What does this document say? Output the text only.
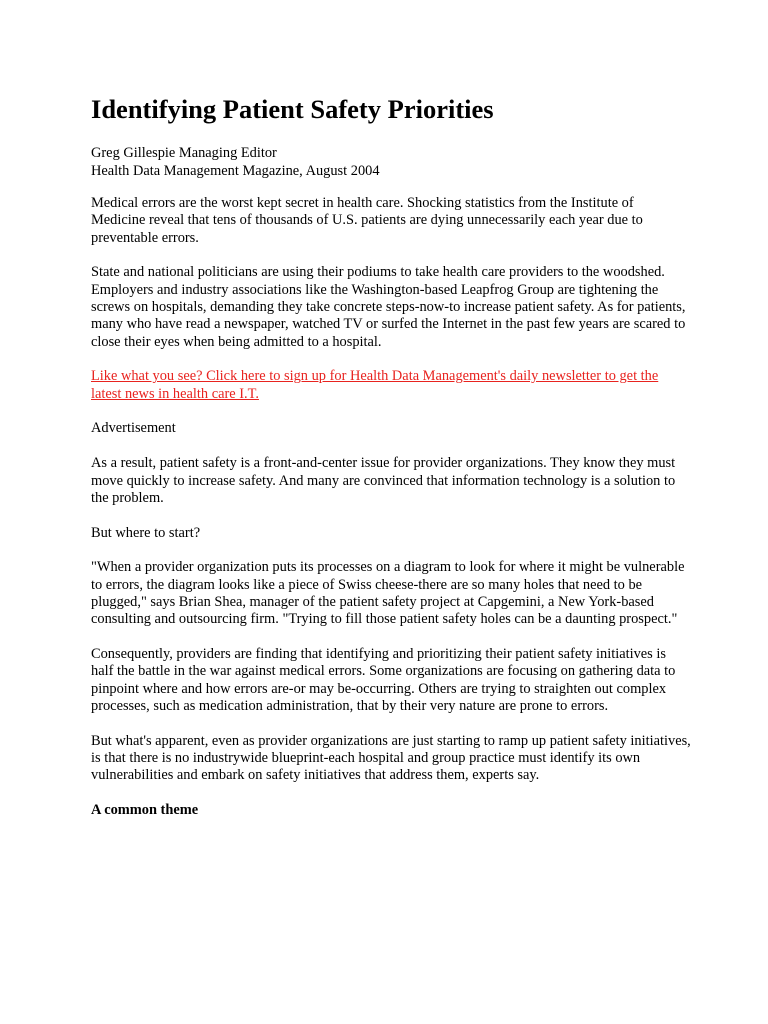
Identifying Patient Safety Priorities
Greg Gillespie Managing Editor
Health Data Management Magazine, August 2004

Medical errors are the worst kept secret in health care. Shocking statistics from the Institute of Medicine reveal that tens of thousands of U.S. patients are dying unnecessarily each year due to preventable errors.

State and national politicians are using their podiums to take health care providers to the woodshed. Employers and industry associations like the Washington-based Leapfrog Group are tightening the screws on hospitals, demanding they take concrete steps-now-to increase patient safety. As for patients, many who have read a newspaper, watched TV or surfed the Internet in the past few years are scared to close their eyes when being admitted to a hospital.

Like what you see? Click here to sign up for Health Data Management's daily newsletter to get the latest news in health care I.T.

Advertisement

As a result, patient safety is a front-and-center issue for provider organizations. They know they must move quickly to increase safety. And many are convinced that information technology is a solution to the problem.

But where to start?

"When a provider organization puts its processes on a diagram to look for where it might be vulnerable to errors, the diagram looks like a piece of Swiss cheese-there are so many holes that need to be plugged," says Brian Shea, manager of the patient safety project at Capgemini, a New York-based consulting and outsourcing firm. "Trying to fill those patient safety holes can be a daunting prospect."

Consequently, providers are finding that identifying and prioritizing their patient safety initiatives is half the battle in the war against medical errors. Some organizations are focusing on gathering data to pinpoint where and how errors are-or may be-occurring. Others are trying to straighten out complex processes, such as medication administration, that by their very nature are prone to errors.

But what's apparent, even as provider organizations are just starting to ramp up patient safety initiatives, is that there is no industrywide blueprint-each hospital and group practice must identify its own vulnerabilities and embark on safety initiatives that address them, experts say.

A common theme
